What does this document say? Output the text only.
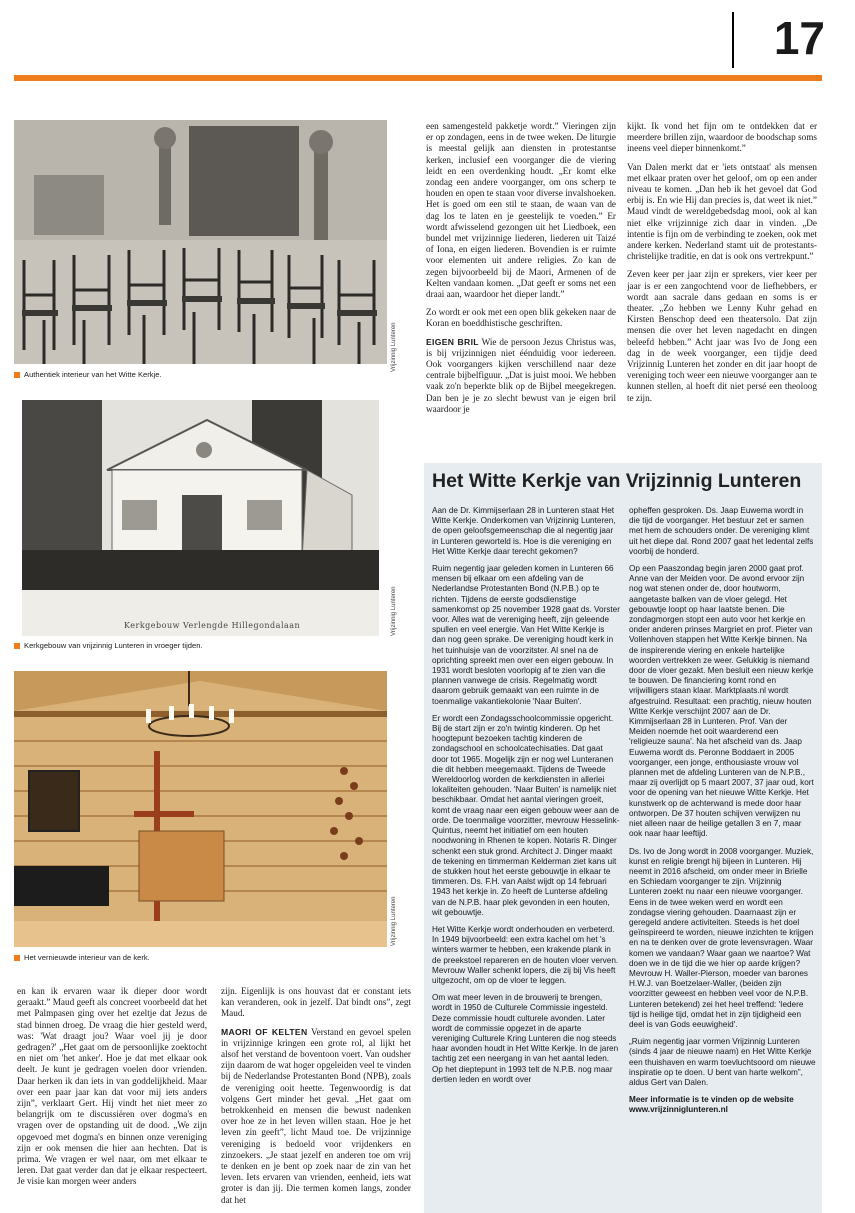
17
Vrijzinnig Lunteren
Authentiek interieur van het Witte Kerkje.
Kerkgebouw Verlengde Hillegondalaan	Vrijzinnig Lunteren
Kerkgebouw van vrijzinnig Lunteren in vroeger tijden.
Vrijzinnig Lunteren
Het vernieuwde interieur van de kerk.

een samengesteld pakketje wordt.” Vieringen zijn er op zondagen, eens in de twee weken. De liturgie is meestal gelijk aan diensten in protestantse kerken, inclusief een voorganger die de viering leidt en een overdenking houdt. „Er komt elke zondag een andere voorganger, om ons scherp te houden en open te staan voor diverse invalshoeken. Het is goed om een stil te staan, de waan van de dag los te laten en je geestelijk te voeden.” Er wordt afwisselend gezongen uit het Liedboek, een bundel met vrijzinnige liederen, liederen uit Taizé of Iona, en eigen liederen. Bovendien is er ruimte voor elementen uit andere religies. Zo kan de zegen bijvoorbeeld bij de Maori, Armenen of de Kelten vandaan komen. „Dat geeft er soms net een draai aan, waardoor het dieper landt.”

Zo wordt er ook met een open blik gekeken naar de Koran en boeddhistische geschriften.

EIGEN BRIL Wie de persoon Jezus Christus was, is bij vrijzinnigen niet éénduidig voor iedereen. Ook voorgangers kijken verschillend naar deze centrale bijbelfiguur. „Dat is juist mooi. We hebben vaak zo'n beperkte blik op de Bijbel meegekregen. Dan ben je je zo slecht bewust van je eigen bril waardoor je

kijkt. Ik vond het fijn om te ontdekken dat er meerdere brillen zijn, waardoor de boodschap soms ineens veel dieper binnenkomt.”

Van Dalen merkt dat er 'iets ontstaat' als mensen met elkaar praten over het geloof, om op een ander niveau te komen. „Dan heb ik het gevoel dat God erbij is. En wie Hij dan precies is, dat weet ik niet.” Maud vindt de wereldgebedsdag mooi, ook al kan niet elke vrijzinnige zich daar in vinden. „De intentie is fijn om de verbinding te zoeken, ook met andere kerken. Nederland stamt uit de protestants-christelijke traditie, en dat is ook ons vertrekpunt.”

Zeven keer per jaar zijn er sprekers, vier keer per jaar is er een zangochtend voor de liefhebbers, er wordt aan sacrale dans gedaan en soms is er theater. „Zo hebben we Lenny Kuhr gehad en Kirsten Benschop deed een theatersolo. Dat zijn mensen die over het leven nagedacht en dingen beleefd hebben.” Acht jaar was Ivo de Jong een dag in de week voorganger, een tijdje deed Vrijzinnig Lunteren het zonder en dit jaar hoopt de vereniging toch weer een nieuwe voorganger aan te kunnen stellen, al hoeft dit niet persé een theoloog te zijn.

en kan ik ervaren waar ik dieper door wordt geraakt.” Maud geeft als concreet voorbeeld dat het met Palmpasen ging over het ezeltje dat Jezus de stad binnen droeg. De vraag die hier gesteld werd, was: 'Wat draagt jou? Waar voel jij je door gedragen?' „Het gaat om de persoonlijke zoektocht en niet om 'het anker'. Hoe je dat met elkaar ook deelt. Je kunt je gedragen voelen door vrienden. Daar herken ik dan iets in van goddelijkheid. Maar over een paar jaar kan dat voor mij iets anders zijn”, verklaart Gert. Hij vindt het niet meer zo belangrijk om te discussiëren over dogma's en vragen over de opstanding uit de dood. „We zijn opgevoed met dogma's en binnen onze vereniging zijn er ook mensen die hier aan hechten. Dat is prima. We vragen er wel naar, om met elkaar te leren. Dat gaat verder dan dat je elkaar respecteert. Je visie kan morgen weer anders

zijn. Eigenlijk is ons houvast dat er constant iets kan veranderen, ook in jezelf. Dat bindt ons”, zegt Maud.

MAORI OF KELTEN Verstand en gevoel spelen in vrijzinnige kringen een grote rol, al lijkt het alsof het verstand de boventoon voert. Van oudsher zijn daarom de wat hoger opgeleiden veel te vinden bij de Nederlandse Protestanten Bond (NPB), zoals de vereniging ooit heette. Tegenwoordig is dat volgens Gert minder het geval. „Het gaat om betrokkenheid en mensen die bewust nadenken over hoe ze in het leven willen staan. Hoe je het leven zin geeft”, licht Maud toe. De vrijzinnige vereniging is bedoeld voor vrijdenkers en zinzoekers. „Je staat jezelf en anderen toe om vrij te denken en je bent op zoek naar de zin van het leven. Iets ervaren van vrienden, eenheid, iets wat groter is dan jij. Die termen komen langs, zonder dat het

Het Witte Kerkje van Vrijzinnig Lunteren

Aan de Dr. Kimmijserlaan 28 in Lunteren staat Het Witte Kerkje. Onderkomen van Vrijzinnig Lunteren, de open geloofsgemeenschap die al negentig jaar in Lunteren geworteld is. Hoe is die vereniging en Het Witte Kerkje daar terecht gekomen?

Ruim negentig jaar geleden komen in Lunteren 66 mensen bij elkaar om een afdeling van de Nederlandse Protestanten Bond (N.P.B.) op te richten. Tijdens de eerste godsdienstige samenkomst op 25 november 1928 gaat ds. Vorster voor. Alles wat de vereniging heeft, zijn geleende spullen en veel energie. Van Het Witte Kerkje is dan nog geen sprake. De vereniging houdt kerk in het tuinhuisje van de voorzitster. Al snel na de oprichting spreekt men over een eigen gebouw. In 1931 wordt besloten voorlopig af te zien van die plannen vanwege de crisis. Regelmatig wordt daarom gebruik gemaakt van een ruimte in de toenmalige vakantiekolonie 'Naar Buiten'.

Er wordt een Zondagsschoolcommissie opgericht. Bij de start zijn er zo'n twintig kinderen. Op het hoogtepunt bezoeken tachtig kinderen de zondagschool en schoolcatechisaties. Dat gaat door tot 1965. Mogelijk zijn er nog wel Lunteranen die dit hebben meegemaakt. Tijdens de Tweede Wereldoorlog worden de kerkdiensten in allerlei lokaliteiten gehouden. 'Naar Buiten' is namelijk niet beschikbaar. Omdat het aantal vieringen groeit, komt de vraag naar een eigen gebouw weer aan de orde. De toenmalige voorzitter, mevrouw Hesselink-Quintus, neemt het initiatief om een houten noodwoning in Rhenen te kopen. Notaris R. Dinger schenkt een stuk grond. Architect J. Dinger maakt de tekening en timmerman Kelderman ziet kans uit de stukken hout het eerste gebouwtje in elkaar te timmeren. Ds. F.H. van Aalst wijdt op 14 februari 1943 het kerkje in. Zo heeft de Lunterse afdeling van de N.P.B. haar plek gevonden in een houten, wit gebouwtje.

Het Witte Kerkje wordt onderhouden en verbeterd. In 1949 bijvoorbeeld: een extra kachel om het 's winters warmer te hebben, een krakende plank in de preekstoel repareren en de houten vloer verven. Mevrouw Waller schenkt lopers, die zij bij Vis heeft uitgezocht, om op de vloer te leggen.

Om wat meer leven in de brouwerij te brengen, wordt in 1950 de Culturele Commissie ingesteld. Deze commissie houdt culturele avonden. Later wordt de commissie opgezet in de aparte vereniging Culturele Kring Lunteren die nog steeds haar avonden houdt in Het Witte Kerkje. In de jaren tachtig zet een neergang in van het aantal leden. Op het dieptepunt in 1993 telt de N.P.B. nog maar dertien leden en wordt over

opheffen gesproken. Ds. Jaap Euwema wordt in die tijd de voorganger. Het bestuur zet er samen met hem de schouders onder. De vereniging klimt uit het diepe dal. Rond 2007 gaat het ledental zelfs voorbij de honderd.

Op een Paaszondag begin jaren 2000 gaat prof. Anne van der Meiden voor. De avond ervoor zijn nog wat stenen onder de, door houtworm, aangetaste balken van de vloer gelegd. Het gebouwtje loopt op haar laatste benen. Die zondagmorgen stopt een auto voor het kerkje en onder anderen prinses Margriet en prof. Pieter van Vollenhoven stappen het Witte Kerkje binnen. Na de inspirerende viering en enkele hartelijke woorden vertrekken ze weer. Gelukkig is niemand door de vloer gezakt. Men besluit een nieuw kerkje te bouwen. De financiering komt rond en vrijwilligers staan klaar. Marktplaats.nl wordt afgestruind. Resultaat: een prachtig, nieuw houten Witte Kerkje verschijnt 2007 aan de Dr. Kimmijserlaan 28 in Lunteren. Prof. Van der Meiden noemde het ooit waarderend een 'religieuze sauna'. Na het afscheid van ds. Jaap Euwema wordt ds. Peronne Boddaert in 2005 voorganger, een jonge, enthousiaste vrouw vol plannen met de afdeling Lunteren van de N.P.B., maar zij overlijdt op 5 maart 2007, 37 jaar oud, kort voor de opening van het nieuwe Witte Kerkje. Het kunstwerk op de achterwand is mede door haar ontworpen. De 37 houten schijven verwijzen nu niet alleen naar de heilige getallen 3 en 7, maar ook naar haar leeftijd.

Ds. Ivo de Jong wordt in 2008 voorganger. Muziek, kunst en religie brengt hij bijeen in Lunteren. Hij neemt in 2016 afscheid, om onder meer in Brielle en Schiedam voorganger te zijn. Vrijzinnig Lunteren zoekt nu naar een nieuwe voorganger. Eens in de twee weken werd en wordt een zondagse viering gehouden. Daarnaast zijn er geregeld andere activiteiten. Steeds is het doel geïnspireerd te worden, nieuwe inzichten te krijgen en na te denken over de grote levensvragen. Waar komen we vandaan? Waar gaan we naartoe? Wat doen we in de tijd die we hier op aarde krijgen? Mevrouw H. Waller-Pierson, moeder van barones H.W.J. van Boetzelaer-Waller, (beiden zijn voorzitter geweest en hebben veel voor de N.P.B. Lunteren betekend) zei het heel treffend: 'Iedere tijd is heilige tijd, omdat het in zijn tijdigheid een deel is van Gods eeuwigheid'.

„Ruim negentig jaar vormen Vrijzinnig Lunteren (sinds 4 jaar de nieuwe naam) en Het Witte Kerkje een thuishaven en warm toevluchtsoord om nieuwe inspiratie op te doen. U bent van harte welkom”, aldus Gert van Dalen.

Meer informatie is te vinden op de website www.vrijzinniglunteren.nl
